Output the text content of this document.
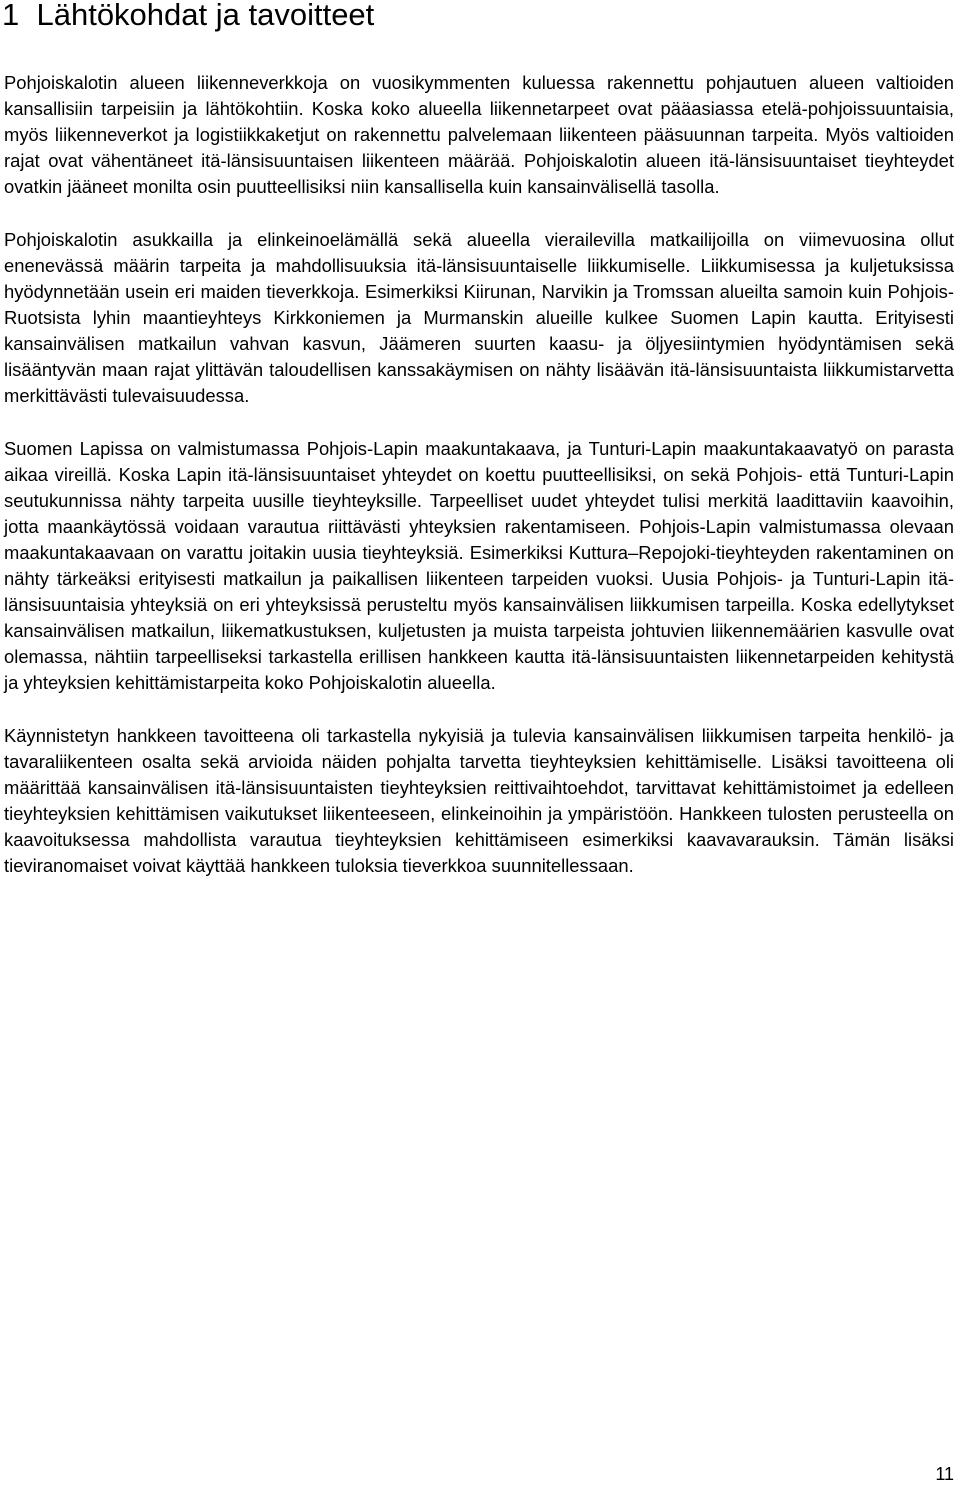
1 Lähtökohdat ja tavoitteet

Pohjoiskalotin alueen liikenneverkkoja on vuosikymmenten kuluessa rakennettu pohjautuen alueen valtioiden kansallisiin tarpeisiin ja lähtökohtiin. Koska koko alueella liikennetarpeet ovat pääasiassa etelä-pohjoissuuntaisia, myös liikenneverkot ja logistiikkaketjut on rakennettu palvelemaan liikenteen pääsuunnan tarpeita. Myös valtioiden rajat ovat vähentäneet itä-länsisuuntaisen liikenteen määrää. Pohjoiskalotin alueen itä-länsisuuntaiset tieyhteydet ovatkin jääneet monilta osin puutteellisiksi niin kansallisella kuin kansainvälisellä tasolla.

Pohjoiskalotin asukkailla ja elinkeinoelämällä sekä alueella vierailevilla matkailijoilla on viimevuosina ollut enenevässä määrin tarpeita ja mahdollisuuksia itä-länsisuuntaiselle liikkumiselle. Liikkumisessa ja kuljetuksissa hyödynnetään usein eri maiden tieverkkoja. Esimerkiksi Kiirunan, Narvikin ja Tromssan alueilta samoin kuin Pohjois-Ruotsista lyhin maantieyhteys Kirkkoniemen ja Murmanskin alueille kulkee Suomen Lapin kautta. Erityisesti kansainvälisen matkailun vahvan kasvun, Jäämeren suurten kaasu- ja öljyesiintymien hyödyntämisen sekä lisääntyvän maan rajat ylittävän taloudellisen kanssakäymisen on nähty lisäävän itä-länsisuuntaista liikkumistarvetta merkittävästi tulevaisuudessa.

Suomen Lapissa on valmistumassa Pohjois-Lapin maakuntakaava, ja Tunturi-Lapin maakuntakaavatyö on parasta aikaa vireillä. Koska Lapin itä-länsisuuntaiset yhteydet on koettu puutteellisiksi, on sekä Pohjois- että Tunturi-Lapin seutukunnissa nähty tarpeita uusille tieyhteyksille. Tarpeelliset uudet yhteydet tulisi merkitä laadittaviin kaavoihin, jotta maankäytössä voidaan varautua riittävästi yhteyksien rakentamiseen. Pohjois-Lapin valmistumassa olevaan maakuntakaavaan on varattu joitakin uusia tieyhteyksiä. Esimerkiksi Kuttura–Repojoki-tieyhteyden rakentaminen on nähty tärkeäksi erityisesti matkailun ja paikallisen liikenteen tarpeiden vuoksi. Uusia Pohjois- ja Tunturi-Lapin itä-länsisuuntaisia yhteyksiä on eri yhteyksissä perusteltu myös kansainvälisen liikkumisen tarpeilla. Koska edellytykset kansainvälisen matkailun, liikematkustuksen, kuljetusten ja muista tarpeista johtuvien liikennemäärien kasvulle ovat olemassa, nähtiin tarpeelliseksi tarkastella erillisen hankkeen kautta itä-länsisuuntaisten liikennetarpeiden kehitystä ja yhteyksien kehittämistarpeita koko Pohjoiskalotin alueella.

Käynnistetyn hankkeen tavoitteena oli tarkastella nykyisiä ja tulevia kansainvälisen liikkumisen tarpeita henkilö- ja tavaraliikenteen osalta sekä arvioida näiden pohjalta tarvetta tieyhteyksien kehittämiselle. Lisäksi tavoitteena oli määrittää kansainvälisen itä-länsisuuntaisten tieyhteyksien reittivaihtoehdot, tarvittavat kehittämistoimet ja edelleen tieyhteyksien kehittämisen vaikutukset liikenteeseen, elinkeinoihin ja ympäristöön. Hankkeen tulosten perusteella on kaavoituksessa mahdollista varautua tieyhteyksien kehittämiseen esimerkiksi kaavavarauksin. Tämän lisäksi tieviranomaiset voivat käyttää hankkeen tuloksia tieverkkoa suunnitellessaan.

11
